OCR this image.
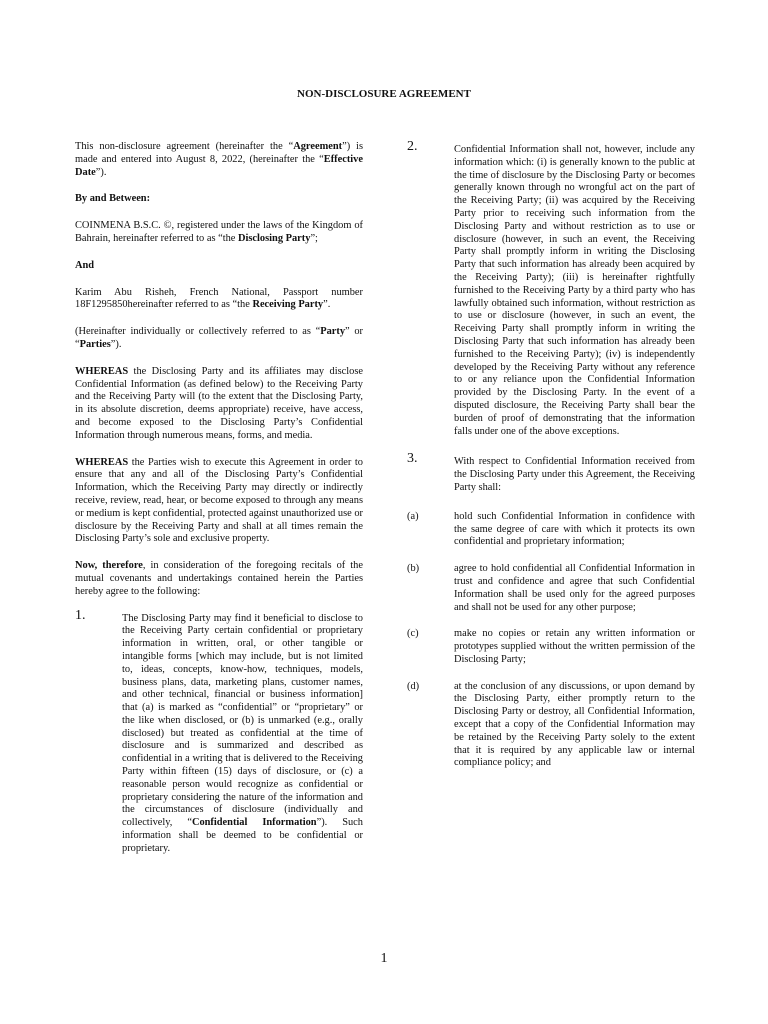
NON-DISCLOSURE AGREEMENT

This non-disclosure agreement (hereinafter the “Agreement”) is made and entered into August 8, 2022, (hereinafter the “Effective Date”).

By and Between:

COINMENA B.S.C. ©, registered under the laws of the Kingdom of Bahrain, hereinafter referred to as “the Disclosing Party”;

And

Karim Abu Risheh, French National, Passport number 18F1295850hereinafter referred to as “the Receiving Party”.

(Hereinafter individually or collectively referred to as “Party” or “Parties”).

WHEREAS the Disclosing Party and its affiliates may disclose Confidential Information (as defined below) to the Receiving Party and the Receiving Party will (to the extent that the Disclosing Party, in its absolute discretion, deems appropriate) receive, have access, and become exposed to the Disclosing Party’s Confidential Information through numerous means, forms, and media.

WHEREAS the Parties wish to execute this Agreement in order to ensure that any and all of the Disclosing Party’s Confidential Information, which the Receiving Party may directly or indirectly receive, review, read, hear, or become exposed to through any means or medium is kept confidential, protected against unauthorized use or disclosure by the Receiving Party and shall at all times remain the Disclosing Party’s sole and exclusive property.

Now, therefore, in consideration of the foregoing recitals of the mutual covenants and undertakings contained herein the Parties hereby agree to the following:

1.	The Disclosing Party may find it beneficial to disclose to the Receiving Party certain confidential or proprietary information in written, oral, or other tangible or intangible forms [which may include, but is not limited to, ideas, concepts, know-how, techniques, models, business plans, data, marketing plans, customer names, and other technical, financial or business information] that (a) is marked as “confidential” or “proprietary” or the like when disclosed, or (b) is unmarked (e.g., orally disclosed) but treated as confidential at the time of disclosure and is summarized and described as confidential in a writing that is delivered to the Receiving Party within fifteen (15) days of disclosure, or (c) a reasonable person would recognize as confidential or proprietary considering the nature of the information and the circumstances of disclosure (individually and collectively, “Confidential Information”). Such information shall be deemed to be confidential or proprietary.
2.	Confidential Information shall not, however, include any information which: (i) is generally known to the public at the time of disclosure by the Disclosing Party or becomes generally known through no wrongful act on the part of the Receiving Party; (ii) was acquired by the Receiving Party prior to receiving such information from the Disclosing Party and without restriction as to use or disclosure (however, in such an event, the Receiving Party shall promptly inform in writing the Disclosing Party that such information has already been acquired by the Receiving Party); (iii) is hereinafter rightfully furnished to the Receiving Party by a third party who has lawfully obtained such information, without restriction as to use or disclosure (however, in such an event, the Receiving Party shall promptly inform in writing the Disclosing Party that such information has already been furnished to the Receiving Party); (iv) is independently developed by the Receiving Party without any reference to or any reliance upon the Confidential Information provided by the Disclosing Party. In the event of a disputed disclosure, the Receiving Party shall bear the burden of proof of demonstrating that the information falls under one of the above exceptions.
3.	With respect to Confidential Information received from the Disclosing Party under this Agreement, the Receiving Party shall:
(a)	hold such Confidential Information in confidence with the same degree of care with which it protects its own confidential and proprietary information;
(b)	agree to hold confidential all Confidential Information in trust and confidence and agree that such Confidential Information shall be used only for the agreed purposes and shall not be used for any other purpose;
(c)	make no copies or retain any written information or prototypes supplied without the written permission of the Disclosing Party;
(d)	at the conclusion of any discussions, or upon demand by the Disclosing Party, either promptly return to the Disclosing Party or destroy, all Confidential Information, except that a copy of the Confidential Information may be retained by the Receiving Party solely to the extent that it is required by any applicable law or internal compliance policy; and
1
